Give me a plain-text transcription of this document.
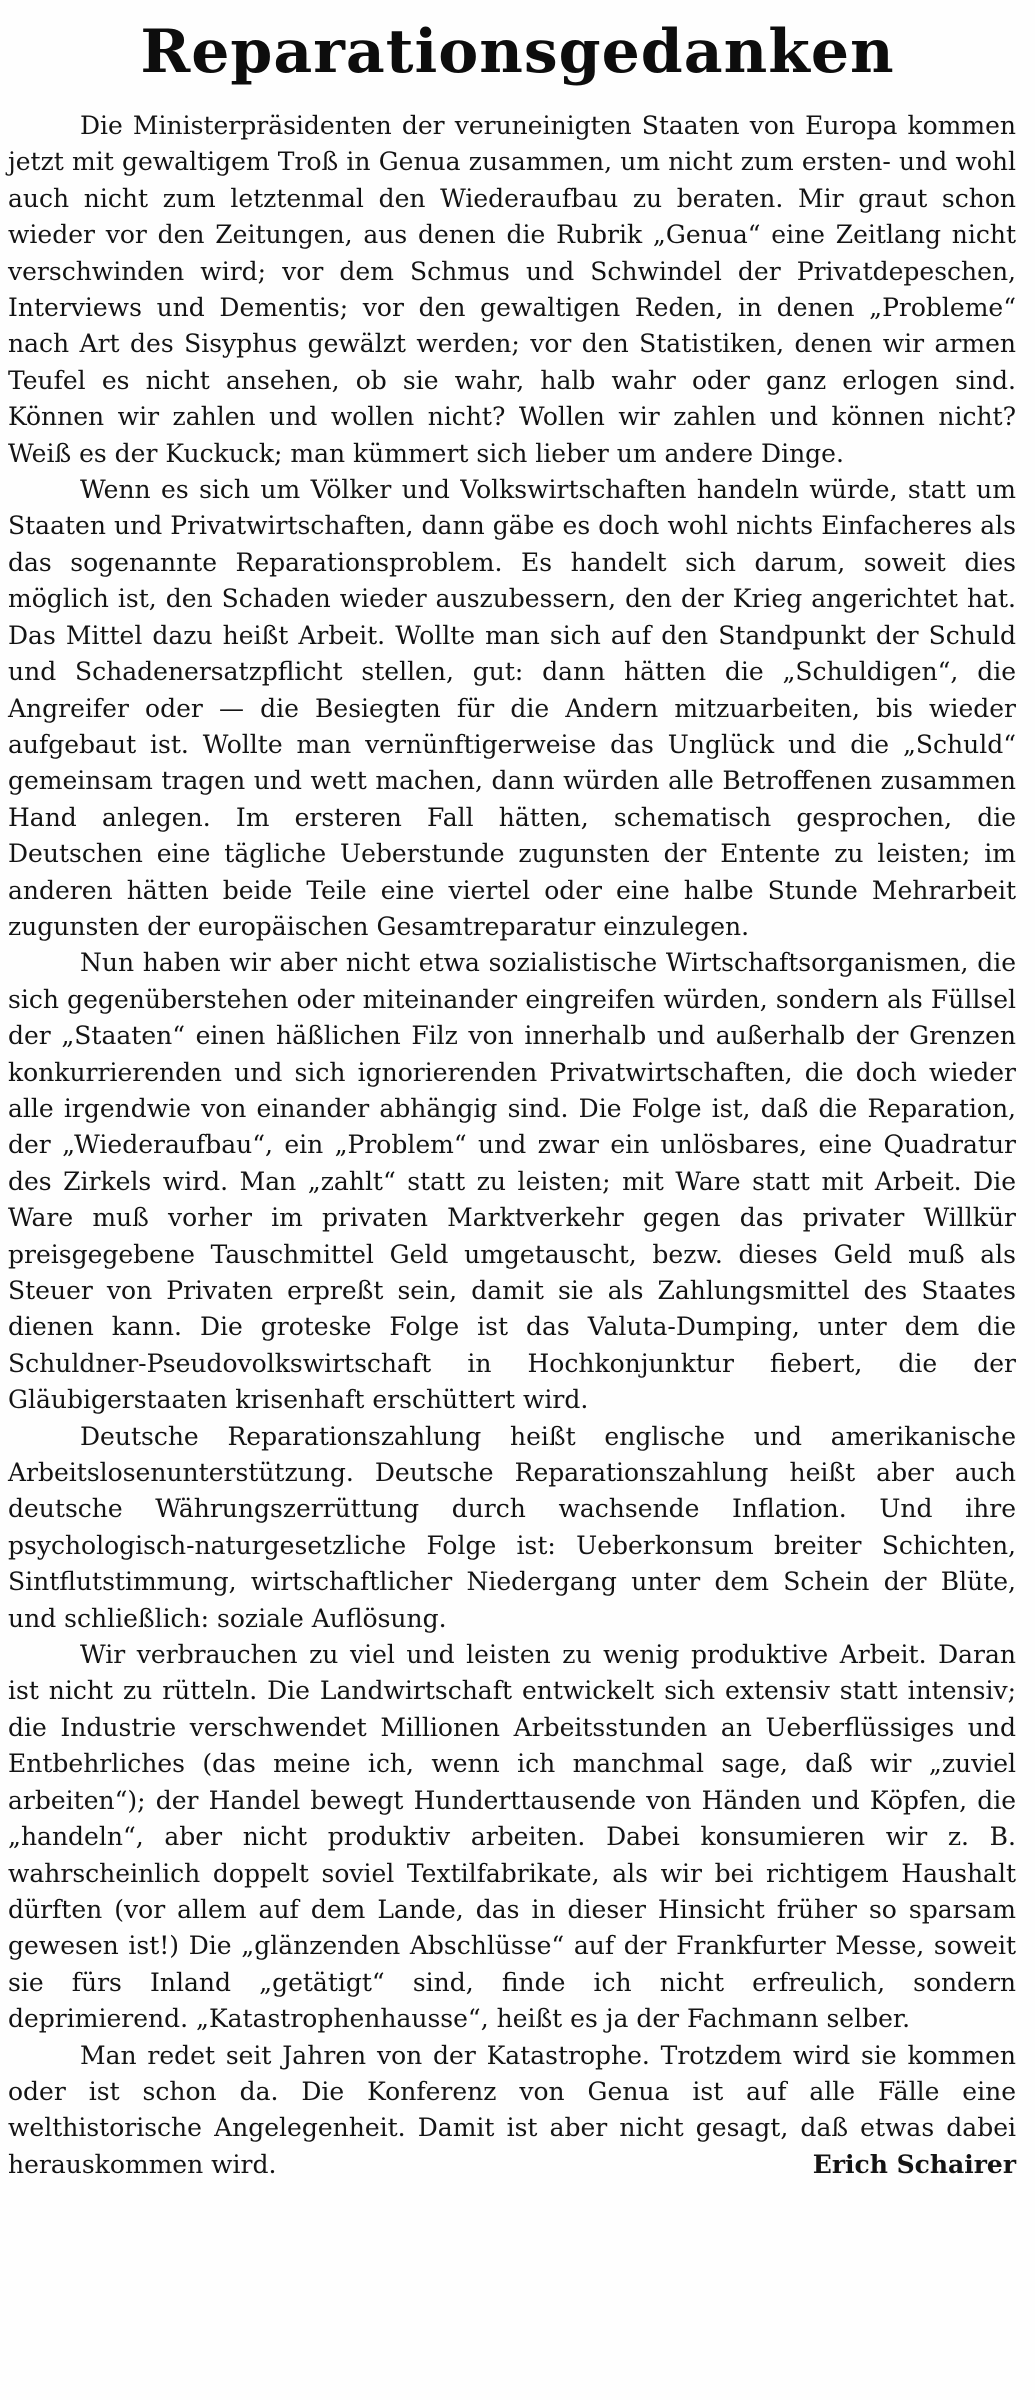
Reparationsgedanken

Die Ministerpräsidenten der veruneinigten Staaten von Europa kommen jetzt mit gewaltigem Troß in Genua zusammen, um nicht zum ersten- und wohl auch nicht zum letztenmal den Wiederaufbau zu beraten. Mir graut schon wieder vor den Zeitungen, aus denen die Rubrik „Genua“ eine Zeitlang nicht verschwinden wird; vor dem Schmus und Schwindel der Privatdepeschen, Interviews und Dementis; vor den gewaltigen Reden, in denen „Probleme“ nach Art des Sisyphus gewälzt werden; vor den Statistiken, denen wir armen Teufel es nicht ansehen, ob sie wahr, halb wahr oder ganz erlogen sind. Können wir zahlen und wollen nicht? Wollen wir zahlen und können nicht? Weiß es der Kuckuck; man kümmert sich lieber um andere Dinge.

Wenn es sich um Völker und Volkswirtschaften handeln würde, statt um Staaten und Privatwirtschaften, dann gäbe es doch wohl nichts Einfacheres als das sogenannte Reparationsproblem. Es handelt sich darum, soweit dies möglich ist, den Schaden wieder auszubessern, den der Krieg angerichtet hat. Das Mittel dazu heißt Arbeit. Wollte man sich auf den Standpunkt der Schuld und Schadenersatzpflicht stellen, gut: dann hätten die „Schuldigen“, die Angreifer oder — die Besiegten für die Andern mitzuarbeiten, bis wieder aufgebaut ist. Wollte man vernünftigerweise das Unglück und die „Schuld“ gemeinsam tragen und wett machen, dann würden alle Betroffenen zusammen Hand anlegen. Im ersteren Fall hätten, schematisch gesprochen, die Deutschen eine tägliche Ueberstunde zugunsten der Entente zu leisten; im anderen hätten beide Teile eine viertel oder eine halbe Stunde Mehrarbeit zugunsten der europäischen Gesamtreparatur einzulegen.

Nun haben wir aber nicht etwa sozialistische Wirtschaftsorganismen, die sich gegenüberstehen oder miteinander eingreifen würden, sondern als Füllsel der „Staaten“ einen häßlichen Filz von innerhalb und außerhalb der Grenzen konkurrierenden und sich ignorierenden Privatwirtschaften, die doch wieder alle irgendwie von einander abhängig sind. Die Folge ist, daß die Reparation, der „Wiederaufbau“, ein „Problem“ und zwar ein unlösbares, eine Quadratur des Zirkels wird. Man „zahlt“ statt zu leisten; mit Ware statt mit Arbeit. Die Ware muß vorher im privaten Marktverkehr gegen das privater Willkür preisgegebene Tauschmittel Geld umgetauscht, bezw. dieses Geld muß als Steuer von Privaten erpreßt sein, damit sie als Zahlungsmittel des Staates dienen kann. Die groteske Folge ist das Valuta-Dumping, unter dem die Schuldner-Pseudovolkswirtschaft in Hochkonjunktur fiebert, die der Gläubigerstaaten krisenhaft erschüttert wird.

Deutsche Reparationszahlung heißt englische und amerikanische Arbeitslosenunterstützung. Deutsche Reparationszahlung heißt aber auch deutsche Währungszerrüttung durch wachsende Inflation. Und ihre psychologisch-naturgesetzliche Folge ist: Ueberkonsum breiter Schichten, Sintflutstimmung, wirtschaftlicher Niedergang unter dem Schein der Blüte, und schließlich: soziale Auflösung.

Wir verbrauchen zu viel und leisten zu wenig produktive Arbeit. Daran ist nicht zu rütteln. Die Landwirtschaft entwickelt sich extensiv statt intensiv; die Industrie verschwendet Millionen Arbeitsstunden an Ueberflüssiges und Entbehrliches (das meine ich, wenn ich manchmal sage, daß wir „zuviel arbeiten“); der Handel bewegt Hunderttausende von Händen und Köpfen, die „handeln“, aber nicht produktiv arbeiten. Dabei konsumieren wir z. B. wahrscheinlich doppelt soviel Textilfabrikate, als wir bei richtigem Haushalt dürften (vor allem auf dem Lande, das in dieser Hinsicht früher so sparsam gewesen ist!) Die „glänzenden Abschlüsse“ auf der Frankfurter Messe, soweit sie fürs Inland „getätigt“ sind, finde ich nicht erfreulich, sondern deprimierend. „Katastrophenhausse“, heißt es ja der Fachmann selber.

Man redet seit Jahren von der Katastrophe. Trotzdem wird sie kommen oder ist schon da. Die Konferenz von Genua ist auf alle Fälle eine welthistorische Angelegenheit. Damit ist aber nicht gesagt, daß etwas dabei herauskommen wird.	Erich Schairer
